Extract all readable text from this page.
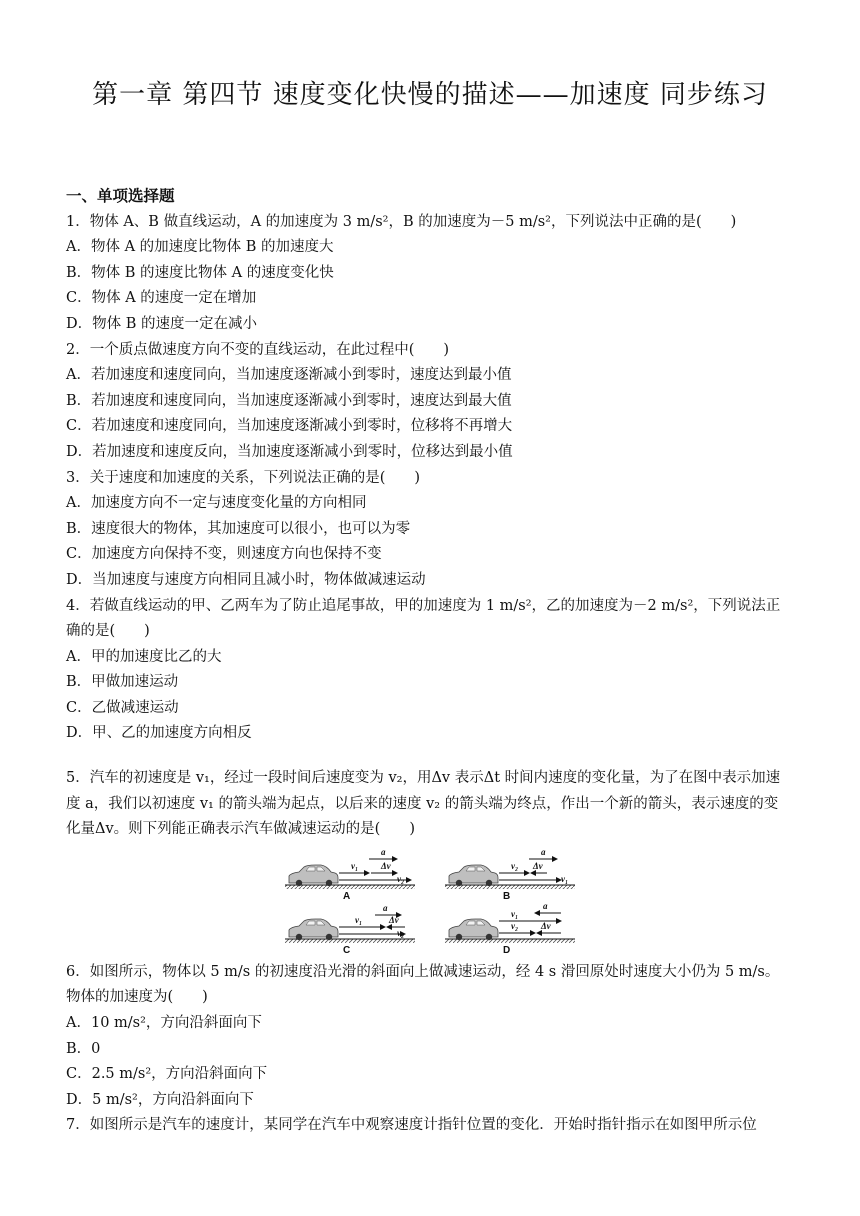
第一章 第四节 速度变化快慢的描述——加速度 同步练习
一、单项选择题
1．物体 A、B 做直线运动，A 的加速度为 3 m/s²，B 的加速度为－5 m/s²，下列说法中正确的是(　　)
A．物体 A 的加速度比物体 B 的加速度大
B．物体 B 的速度比物体 A 的速度变化快
C．物体 A 的速度一定在增加
D．物体 B 的速度一定在减小
2．一个质点做速度方向不变的直线运动，在此过程中(　　)
A．若加速度和速度同向，当加速度逐渐减小到零时，速度达到最小值
B．若加速度和速度同向，当加速度逐渐减小到零时，速度达到最大值
C．若加速度和速度同向，当加速度逐渐减小到零时，位移将不再增大
D．若加速度和速度反向，当加速度逐渐减小到零时，位移达到最小值
3．关于速度和加速度的关系，下列说法正确的是(　　)
A．加速度方向不一定与速度变化量的方向相同
B．速度很大的物体，其加速度可以很小，也可以为零
C．加速度方向保持不变，则速度方向也保持不变
D．当加速度与速度方向相同且减小时，物体做减速运动
4．若做直线运动的甲、乙两车为了防止追尾事故，甲的加速度为 1 m/s²，乙的加速度为－2 m/s²，下列说法正
确的是(　　)
A．甲的加速度比乙的大
B．甲做加速运动
C．乙做减速运动
D．甲、乙的加速度方向相反
5．汽车的初速度是 v₁，经过一段时间后速度变为 v₂，用Δv 表示Δt 时间内速度的变化量，为了在图中表示加速
度 a，我们以初速度 v₁ 的箭头端为起点，以后来的速度 v₂ 的箭头端为终点，作出一个新的箭头，表示速度的变
化量Δv。则下列能正确表示汽车做减速运动的是(　　)
v₁
v₂
Δv
a
A
v₂
v₁
Δv
a
B
v₁
v₂
Δv
a
C
v₁
v₂	Δv
a
D
6．如图所示，物体以 5 m/s 的初速度沿光滑的斜面向上做减速运动，经 4 s 滑回原处时速度大小仍为 5 m/s。
物体的加速度为(　　)
A．10 m/s²，方向沿斜面向下
B．0
C．2.5 m/s²，方向沿斜面向下
D．5 m/s²，方向沿斜面向下
7．如图所示是汽车的速度计，某同学在汽车中观察速度计指针位置的变化．开始时指针指示在如图甲所示位
